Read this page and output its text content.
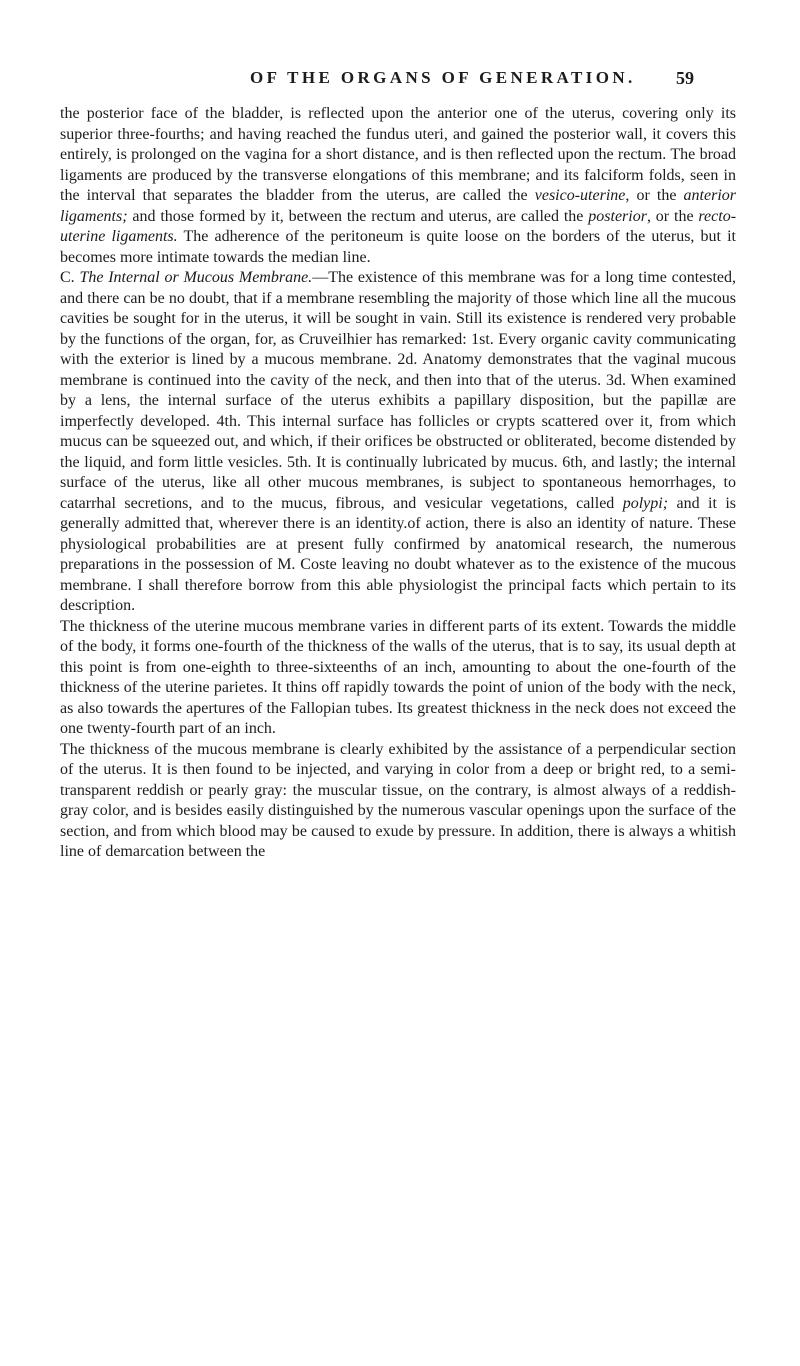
OF THE ORGANS OF GENERATION.	59

the posterior face of the bladder, is reflected upon the anterior one of the uterus, covering only its superior three-fourths; and having reached the fundus uteri, and gained the posterior wall, it covers this entirely, is prolonged on the vagina for a short distance, and is then reflected upon the rectum. The broad ligaments are produced by the transverse elongations of this membrane; and its falciform folds, seen in the interval that separates the bladder from the uterus, are called the vesico-uterine, or the anterior ligaments; and those formed by it, between the rectum and uterus, are called the posterior, or the recto-uterine ligaments. The adherence of the peritoneum is quite loose on the borders of the uterus, but it becomes more intimate towards the median line.

C. The Internal or Mucous Membrane.—The existence of this membrane was for a long time contested, and there can be no doubt, that if a membrane resembling the majority of those which line all the mucous cavities be sought for in the uterus, it will be sought in vain. Still its existence is rendered very probable by the functions of the organ, for, as Cruveilhier has remarked: 1st. Every organic cavity communicating with the exterior is lined by a mucous membrane. 2d. Anatomy demonstrates that the vaginal mucous membrane is continued into the cavity of the neck, and then into that of the uterus. 3d. When examined by a lens, the internal surface of the uterus exhibits a papillary disposition, but the papillæ are imperfectly developed. 4th. This internal surface has follicles or crypts scattered over it, from which mucus can be squeezed out, and which, if their orifices be obstructed or obliterated, become distended by the liquid, and form little vesicles. 5th. It is continually lubricated by mucus. 6th, and lastly; the internal surface of the uterus, like all other mucous membranes, is subject to spontaneous hemorrhages, to catarrhal secretions, and to the mucus, fibrous, and vesicular vegetations, called polypi; and it is generally admitted that, wherever there is an identity.of action, there is also an identity of nature. These physiological probabilities are at present fully confirmed by anatomical research, the numerous preparations in the possession of M. Coste leaving no doubt whatever as to the existence of the mucous membrane. I shall therefore borrow from this able physiologist the principal facts which pertain to its description.

The thickness of the uterine mucous membrane varies in different parts of its extent. Towards the middle of the body, it forms one-fourth of the thickness of the walls of the uterus, that is to say, its usual depth at this point is from one-eighth to three-sixteenths of an inch, amounting to about the one-fourth of the thickness of the uterine parietes. It thins off rapidly towards the point of union of the body with the neck, as also towards the apertures of the Fallopian tubes. Its greatest thickness in the neck does not exceed the one twenty-fourth part of an inch.

The thickness of the mucous membrane is clearly exhibited by the assistance of a perpendicular section of the uterus. It is then found to be injected, and varying in color from a deep or bright red, to a semi-transparent reddish or pearly gray: the muscular tissue, on the contrary, is almost always of a reddish-gray color, and is besides easily distinguished by the numerous vascular openings upon the surface of the section, and from which blood may be caused to exude by pressure. In addition, there is always a whitish line of demarcation between the
